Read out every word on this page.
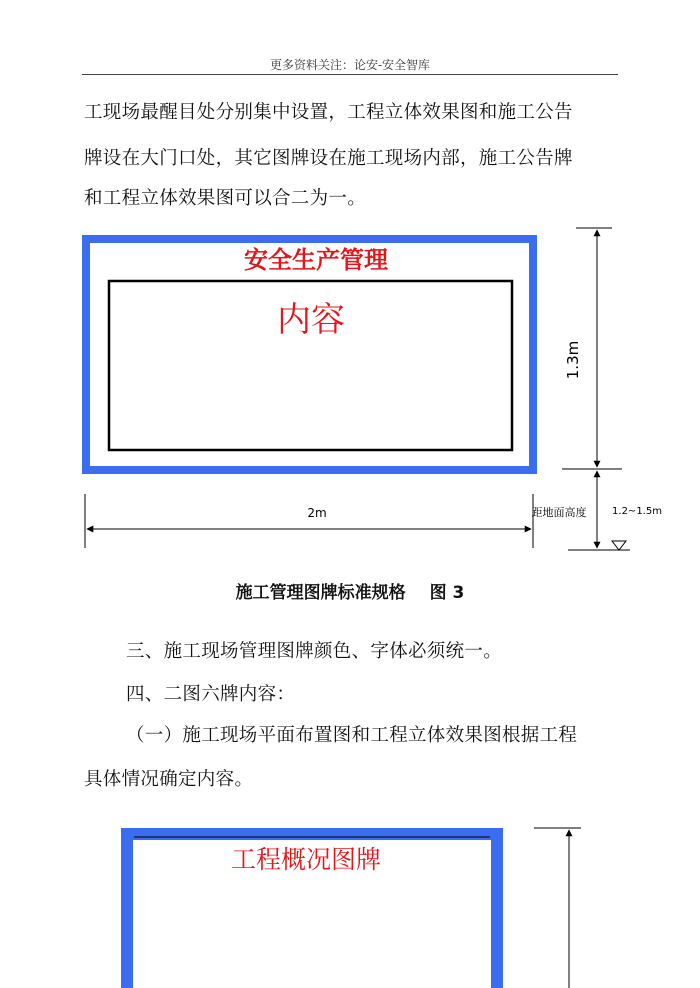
更多资料关注：论安-安全智库
工现场最醒目处分别集中设置，工程立体效果图和施工公告
牌设在大门口处，其它图牌设在施工现场内部，施工公告牌
和工程立体效果图可以合二为一。
安全生产管理
内容
1.3m
距地面高度	1.2~1.5m
2m
工程概况图牌
施工管理图牌标准规格 图 3
三、施工现场管理图牌颜色、字体必须统一。
四、二图六牌内容：
（一）施工现场平面布置图和工程立体效果图根据工程
具体情况确定内容。
